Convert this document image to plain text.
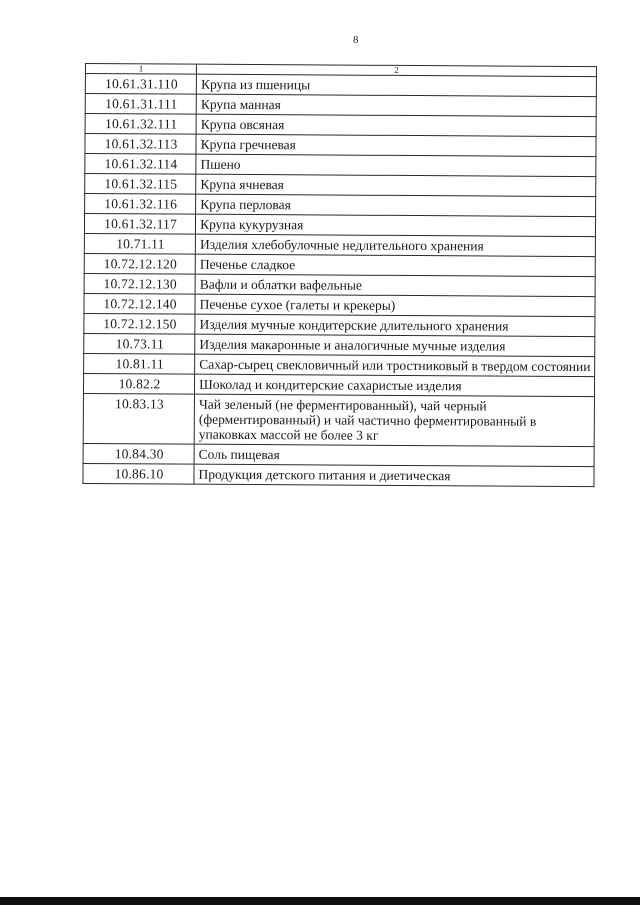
8
1	2
10.61.31.110	Крупа из пшеницы
10.61.31.111	Крупа манная
10.61.32.111	Крупа овсяная
10.61.32.113	Крупа гречневая
10.61.32.114	Пшено
10.61.32.115	Крупа ячневая
10.61.32.116	Крупа перловая
10.61.32.117	Крупа кукурузная
10.71.11	Изделия хлебобулочные недлительного хранения
10.72.12.120	Печенье сладкое
10.72.12.130	Вафли и облатки вафельные
10.72.12.140	Печенье сухое (галеты и крекеры)
10.72.12.150	Изделия мучные кондитерские длительного хранения
10.73.11	Изделия макаронные и аналогичные мучные изделия
10.81.11	Сахар-сырец свекловичный или тростниковый в твердом состоянии
10.82.2	Шоколад и кондитерские сахаристые изделия
10.83.13	Чай зеленый (не ферментированный), чай черный (ферментированный) и чай частично ферментированный в упаковках массой не более 3 кг
10.84.30	Соль пищевая
10.86.10	Продукция детского питания и диетическая
